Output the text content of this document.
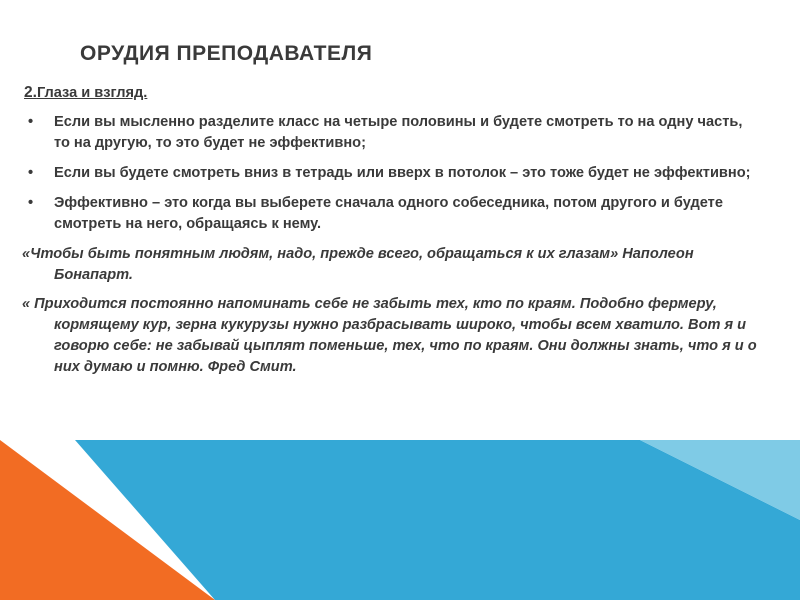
ОРУДИЯ ПРЕПОДАВАТЕЛЯ
2.Глаза и взгляд.
• Если вы мысленно разделите класс на четыре половины и будете смотреть то на одну часть, то на другую, то это будет не эффективно;
• Если вы будете смотреть вниз в тетрадь или вверх в потолок – это тоже будет не эффективно;
• Эффективно – это когда вы выберете сначала одного собеседника, потом другого и будете смотреть на него, обращаясь к нему.

«Чтобы быть понятным людям, надо, прежде всего, обращаться к их глазам» Наполеон Бонапарт.

« Приходится постоянно напоминать себе не забыть тех, кто по краям. Подобно фермеру, кормящему кур, зерна кукурузы нужно разбрасывать широко, чтобы всем хватило. Вот я и говорю себе: не забывай цыплят поменьше, тех, что по краям. Они должны знать, что я и о них думаю и помню. Фред Смит.
